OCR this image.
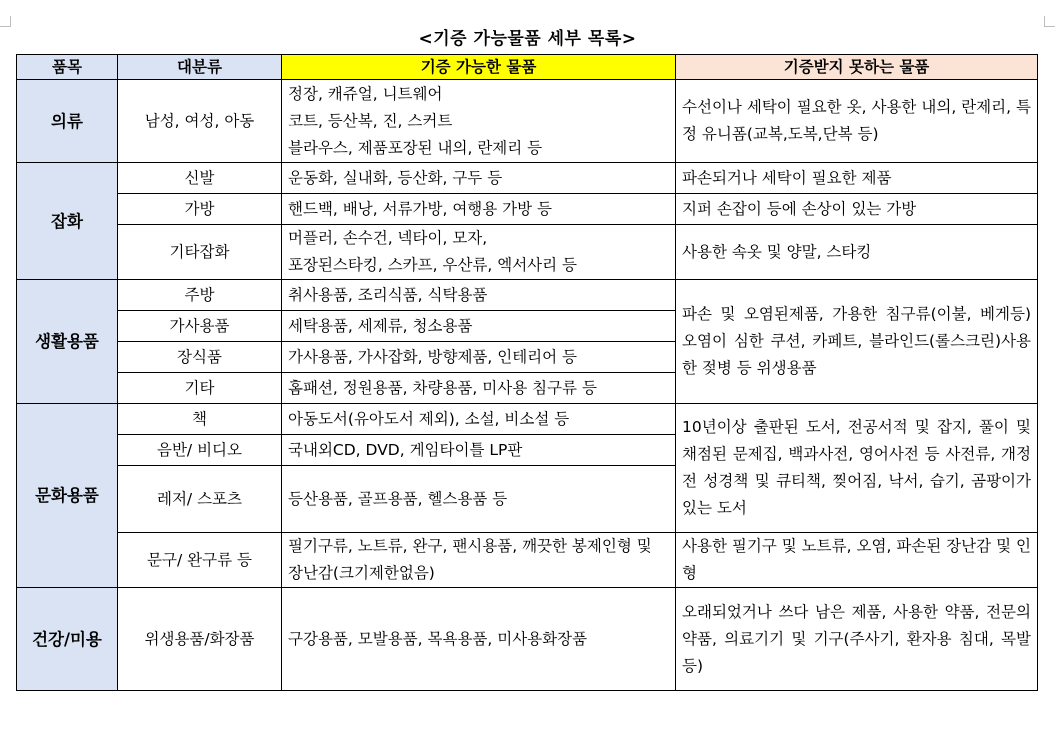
<기증 가능물품 세부 목록>
품목	대분류	기증 가능한 물품	기증받지 못하는 물품
의류	남성, 여성, 아동	정장, 캐쥬얼, 니트웨어
코트, 등산복, 진, 스커트
블라우스, 제품포장된 내의, 란제리 등	수선이나 세탁이 필요한 옷, 사용한 내의, 란제리, 특정 유니폼(교복,도복,단복 등)
잡화	신발	운동화, 실내화, 등산화, 구두 등	파손되거나 세탁이 필요한 제품
	가방	핸드백, 배낭, 서류가방, 여행용 가방 등	지퍼 손잡이 등에 손상이 있는 가방
	기타잡화	머플러, 손수건, 넥타이, 모자,
포장된스타킹, 스카프, 우산류, 엑서사리 등	사용한 속옷 및 양말, 스타킹
생활용품	주방	취사용품, 조리식품, 식탁용품	파손 및 오염된제품, 가용한 침구류(이불, 베게등) 오염이 심한 쿠션, 카페트, 블라인드(롤스크린)사용한 젖병 등 위생용품
	가사용품	세탁용품, 세제류, 청소용품	
	장식품	가사용품, 가사잡화, 방향제품, 인테리어 등	
	기타	홈패션, 정원용품, 차량용품, 미사용 침구류 등	
문화용품	책	아동도서(유아도서 제외), 소설, 비소설 등	10년이상 출판된 도서, 전공서적 및 잡지, 풀이 및 채점된 문제집, 백과사전, 영어사전 등 사전류, 개정전 성경책 및 큐티책, 찢어짐, 낙서, 습기, 곰팡이가 있는 도서
	음반/ 비디오	국내외CD, DVD, 게임타이틀 LP판	
	레저/ 스포츠	등산용품, 골프용품, 헬스용품 등	
	문구/ 완구류 등	필기구류, 노트류, 완구, 팬시용품, 깨끗한 봉제인형 및 장난감(크기제한없음)	사용한 필기구 및 노트류, 오염, 파손된 장난감 및 인형
건강/미용	위생용품/화장품	구강용품, 모발용품, 목욕용품, 미사용화장품	오래되었거나 쓰다 남은 제품, 사용한 약품, 전문의 약품, 의료기기 및 기구(주사기, 환자용 침대, 목발 등)
